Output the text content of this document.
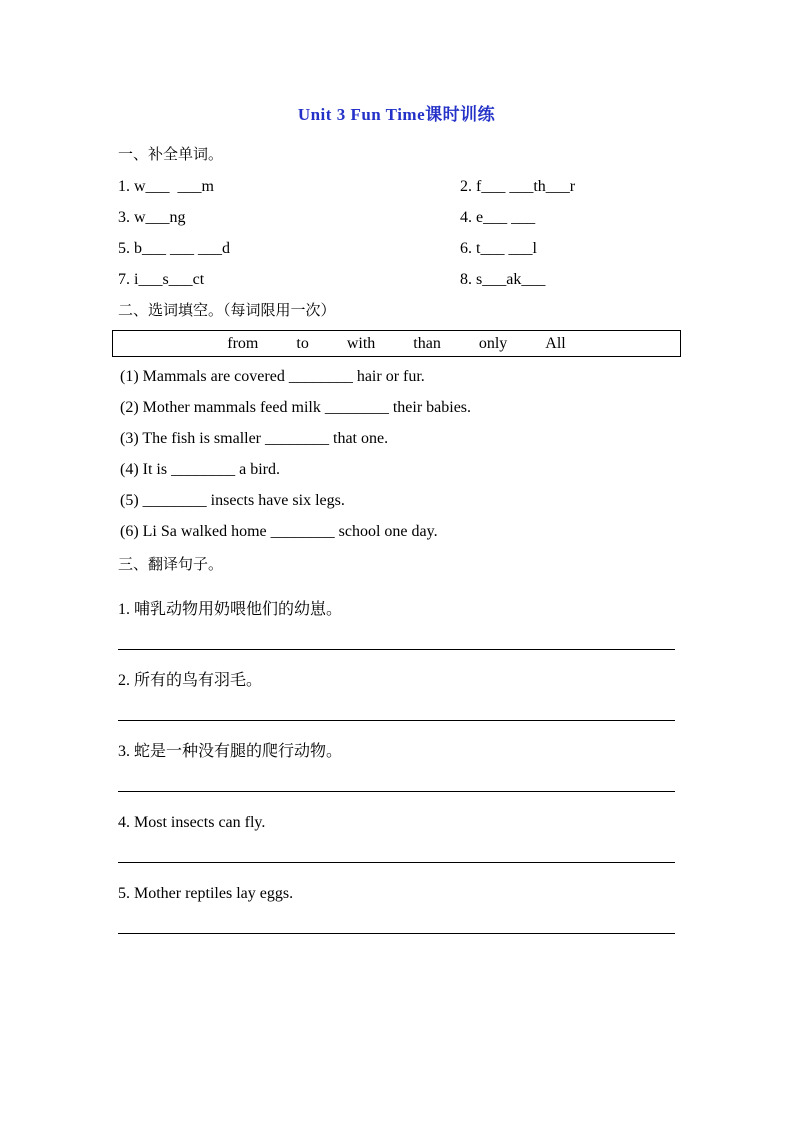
Unit 3 Fun Time课时训练
一、补全单词。
1. w___  ___m	2. f___ ___th___r
3. w___ng	4. e___ ___
5. b___ ___ ___d	6. t___ ___l
7. i___s___ct	8. s___ak___
二、选词填空。（每词限用一次）
from to with than only All
(1) Mammals are covered ________ hair or fur.
(2) Mother mammals feed milk ________ their babies.
(3) The fish is smaller ________ that one.
(4) It is ________ a bird.
(5) ________ insects have six legs.
(6) Li Sa walked home ________ school one day.
三、翻译句子。
1. 哺乳动物用奶喂他们的幼崽。
2. 所有的鸟有羽毛。
3. 蛇是一种没有腿的爬行动物。
4. Most insects can fly.
5. Mother reptiles lay eggs.
